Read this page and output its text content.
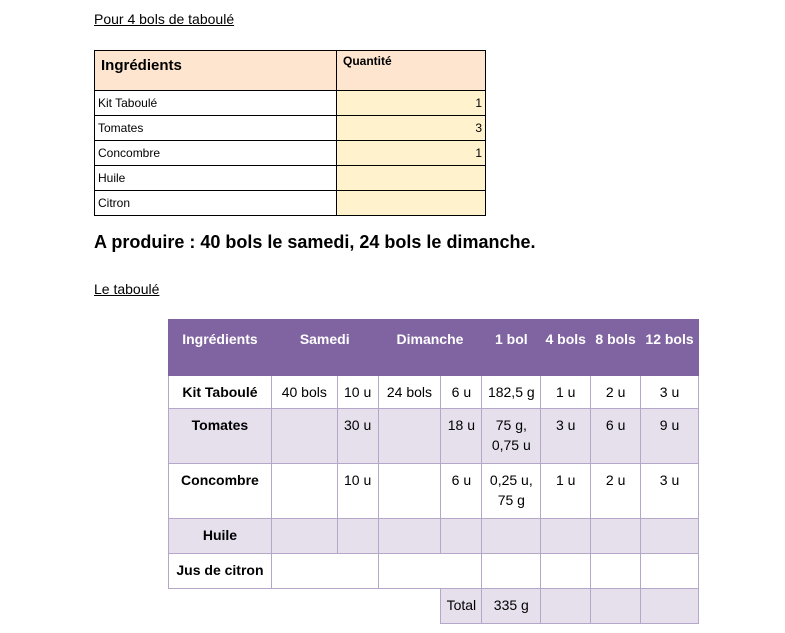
Pour 4 bols de taboulé
Ingrédients	Quantité
Kit Taboulé	1
Tomates	3
Concombre	1
Huile	
Citron	
A produire : 40 bols le samedi, 24 bols le dimanche.
Le taboulé
Ingrédients	Samedi		Dimanche		1 bol	4 bols	8 bols	12 bols
Kit Taboulé	40 bols	10 u	24 bols	6 u	182,5 g	1 u	2 u	3 u
Tomates		30 u		18 u	75 g, 0,75 u	3 u	6 u	9 u
Concombre		10 u		6 u	0,25 u, 75 g	1 u	2 u	3 u
Huile								
Jus de citron								
				Total	335 g			
